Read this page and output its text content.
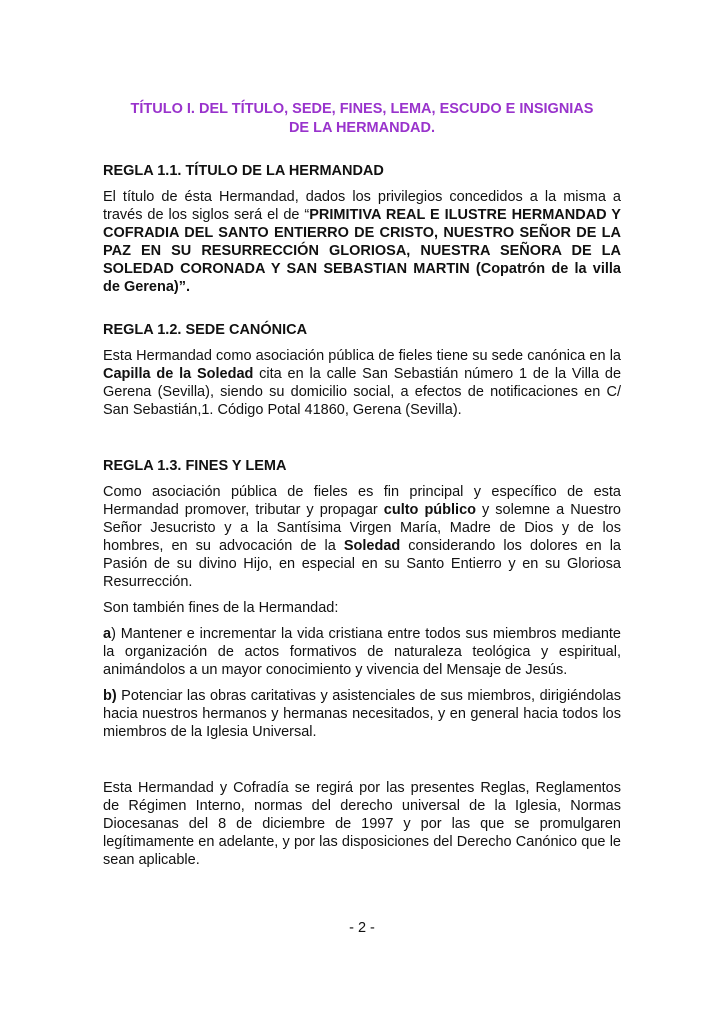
TÍTULO I. DEL TÍTULO, SEDE, FINES, LEMA, ESCUDO E INSIGNIAS
DE LA HERMANDAD.
REGLA 1.1. TÍTULO DE LA HERMANDAD

El título de ésta Hermandad, dados los privilegios concedidos a la misma a través de los siglos será el de “PRIMITIVA REAL E ILUSTRE HERMANDAD Y COFRADIA DEL SANTO ENTIERRO DE CRISTO, NUESTRO SEÑOR DE LA PAZ EN SU RESURRECCIÓN GLORIOSA, NUESTRA SEÑORA DE LA SOLEDAD CORONADA Y SAN SEBASTIAN MARTIN (Copatrón de la villa de Gerena)”.

REGLA 1.2. SEDE CANÓNICA

Esta Hermandad como asociación pública de fieles tiene su sede canónica en la Capilla de la Soledad cita en la calle San Sebastián número 1 de la Villa de Gerena (Sevilla), siendo su domicilio social, a efectos de notificaciones en C/ San Sebastián,1. Código Potal 41860, Gerena (Sevilla).

REGLA 1.3. FINES Y LEMA

Como asociación pública de fieles es fin principal y específico de esta Hermandad promover, tributar y propagar culto público y solemne a Nuestro Señor Jesucristo y a la Santísima Virgen María, Madre de Dios y de los hombres, en su advocación de la Soledad considerando los dolores en la Pasión de su divino Hijo, en especial en su Santo Entierro y en su Gloriosa Resurrección.

Son también fines de la Hermandad:

a) Mantener e incrementar la vida cristiana entre todos sus miembros mediante la organización de actos formativos de naturaleza teológica y espiritual, animándolos a un mayor conocimiento y vivencia del Mensaje de Jesús.

b) Potenciar las obras caritativas y asistenciales de sus miembros, dirigiéndolas hacia nuestros hermanos y hermanas necesitados, y en general hacia todos los miembros de la Iglesia Universal.

Esta Hermandad y Cofradía se regirá por las presentes Reglas, Reglamentos de Régimen Interno, normas del derecho universal de la Iglesia, Normas Diocesanas del 8 de diciembre de 1997 y por las que se promulgaren legítimamente en adelante, y por las disposiciones del Derecho Canónico que le sean aplicable.

- 2 -
